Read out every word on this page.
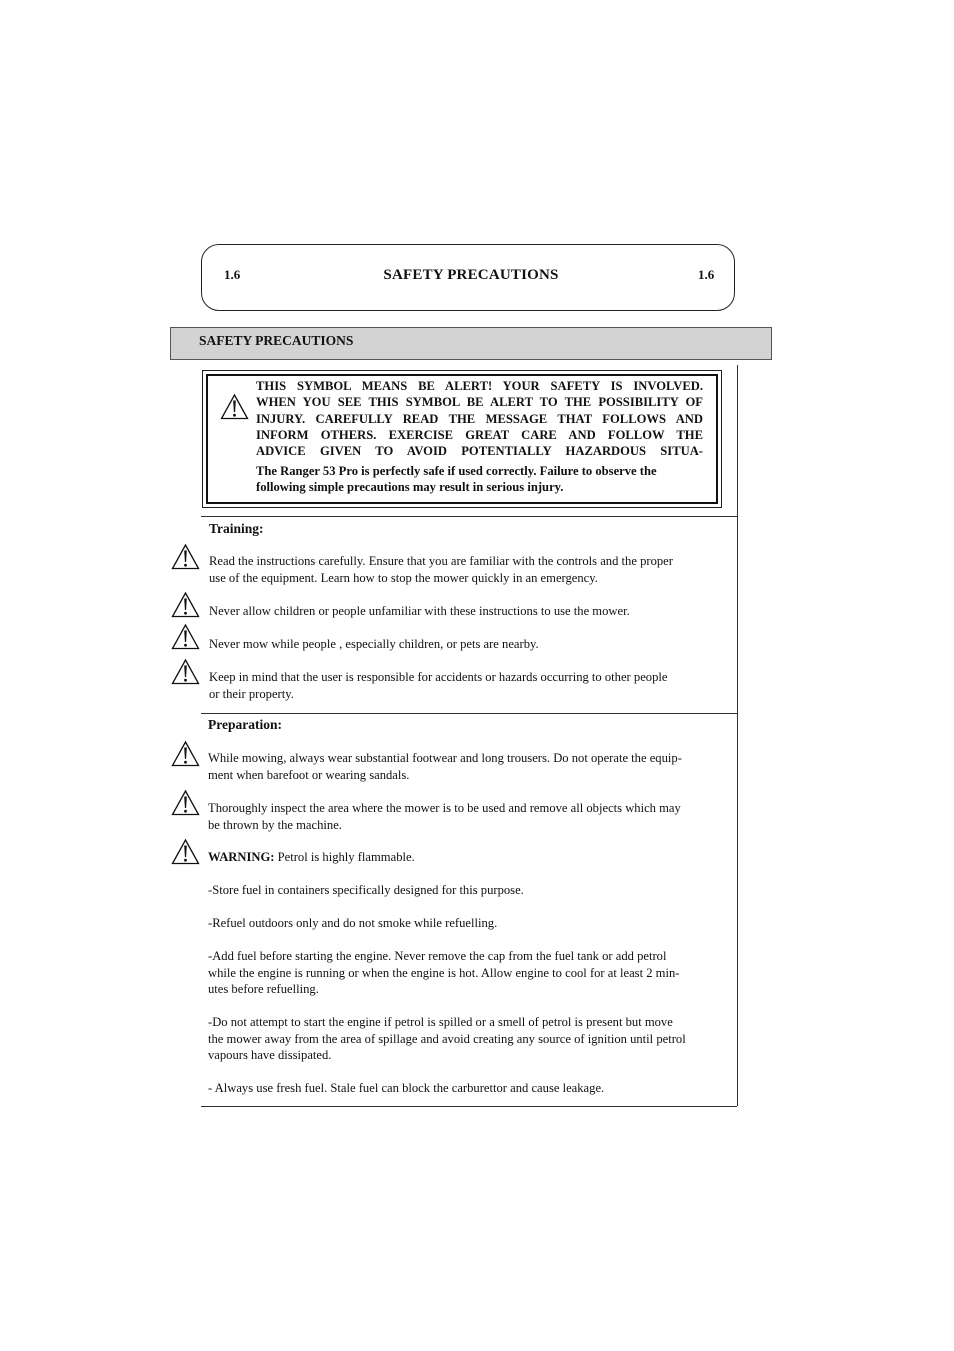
1.6	SAFETY PRECAUTIONS	1.6
SAFETY PRECAUTIONS
THIS SYMBOL MEANS BE ALERT! YOUR SAFETY IS INVOLVED.
WHEN YOU SEE THIS SYMBOL BE ALERT TO THE POSSIBILITY OF
INJURY. CAREFULLY READ THE MESSAGE THAT FOLLOWS AND
INFORM OTHERS. EXERCISE GREAT CARE AND FOLLOW THE
ADVICE GIVEN TO AVOID POTENTIALLY HAZARDOUS SITUA-
The Ranger 53 Pro is perfectly safe if used correctly. Failure to observe the
following simple precautions may result in serious injury.
Training:
Read the instructions carefully. Ensure that you are familiar with the controls and the proper
use of the equipment. Learn how to stop the mower quickly in an emergency.
Never allow children or people unfamiliar with these instructions to use the mower.
Never mow while people , especially children, or pets are nearby.
Keep in mind that the user is responsible for accidents or hazards occurring to other people
or their property.
Preparation:
While mowing, always wear substantial footwear and long trousers. Do not operate the equip-
ment when barefoot or wearing sandals.
Thoroughly inspect the area where the mower is to be used and remove all objects which may
be thrown by the machine.
WARNING: Petrol is highly flammable.
-Store fuel in containers specifically designed for this purpose.
-Refuel outdoors only and do not smoke while refuelling.
-Add fuel before starting the engine. Never remove the cap from the fuel tank or add petrol
while the engine is running or when the engine is hot. Allow engine to cool for at least 2 min-
utes before refuelling.
-Do not attempt to start the engine if petrol is spilled or a smell of petrol is present but move
the mower away from the area of spillage and avoid creating any source of ignition until petrol
vapours have dissipated.
- Always use fresh fuel. Stale fuel can block the carburettor and cause leakage.
